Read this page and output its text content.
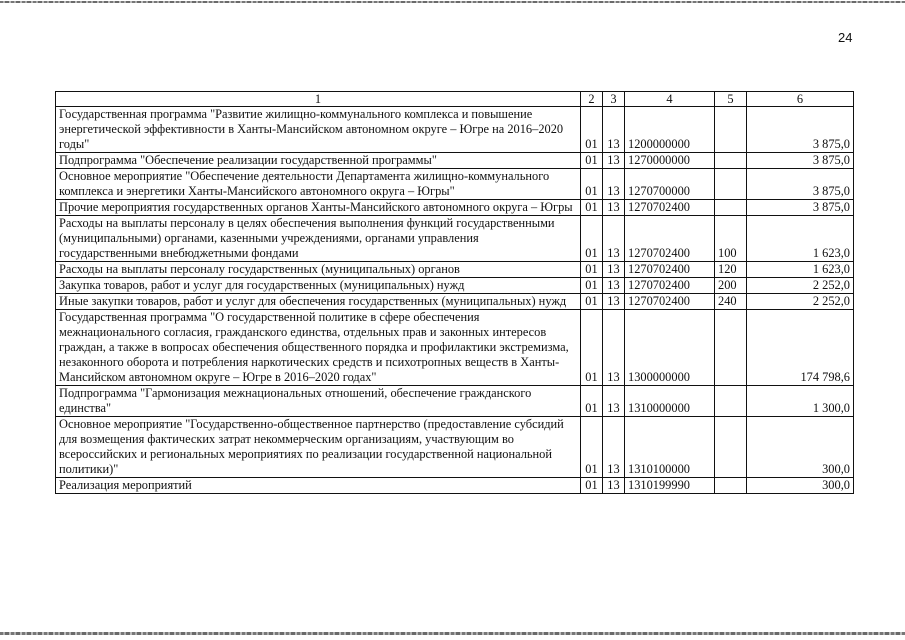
24
1	2	3	4	5	6
Государственная программа "Развитие жилищно-коммунального комплекса и повышение энергетической эффективности в Ханты-Мансийском автономном округе – Югре на 2016–2020 годы"	01	13	1200000000		3 875,0
Подпрограмма "Обеспечение реализации государственной программы"	01	13	1270000000		3 875,0
Основное мероприятие "Обеспечение деятельности Департамента жилищно-коммунального комплекса и энергетики Ханты-Мансийского автономного округа – Югры"	01	13	1270700000		3 875,0
Прочие мероприятия государственных органов Ханты-Мансийского автономного округа – Югры	01	13	1270702400		3 875,0
Расходы на выплаты персоналу в целях обеспечения выполнения функций государственными (муниципальными) органами, казенными учреждениями, органами управления государственными внебюджетными фондами	01	13	1270702400	100	1 623,0
Расходы на выплаты персоналу государственных (муниципальных) органов	01	13	1270702400	120	1 623,0
Закупка товаров, работ и услуг для государственных (муниципальных) нужд	01	13	1270702400	200	2 252,0
Иные закупки товаров, работ и услуг для обеспечения государственных (муниципальных) нужд	01	13	1270702400	240	2 252,0
Государственная программа "О государственной политике в сфере обеспечения межнационального согласия, гражданского единства, отдельных прав и законных интересов граждан, а также в вопросах обеспечения общественного порядка и профилактики экстремизма, незаконного оборота и потребления наркотических средств и психотропных веществ в Ханты-Мансийском автономном округе – Югре в 2016–2020 годах"	01	13	1300000000		174 798,6
Подпрограмма "Гармонизация межнациональных отношений, обеспечение гражданского единства"	01	13	1310000000		1 300,0
Основное мероприятие "Государственно-общественное партнерство (предоставление субсидий для возмещения фактических затрат некоммерческим организациям, участвующим во всероссийских и региональных мероприятиях по реализации государственной национальной политики)"	01	13	1310100000		300,0
Реализация мероприятий	01	13	1310199990		300,0
